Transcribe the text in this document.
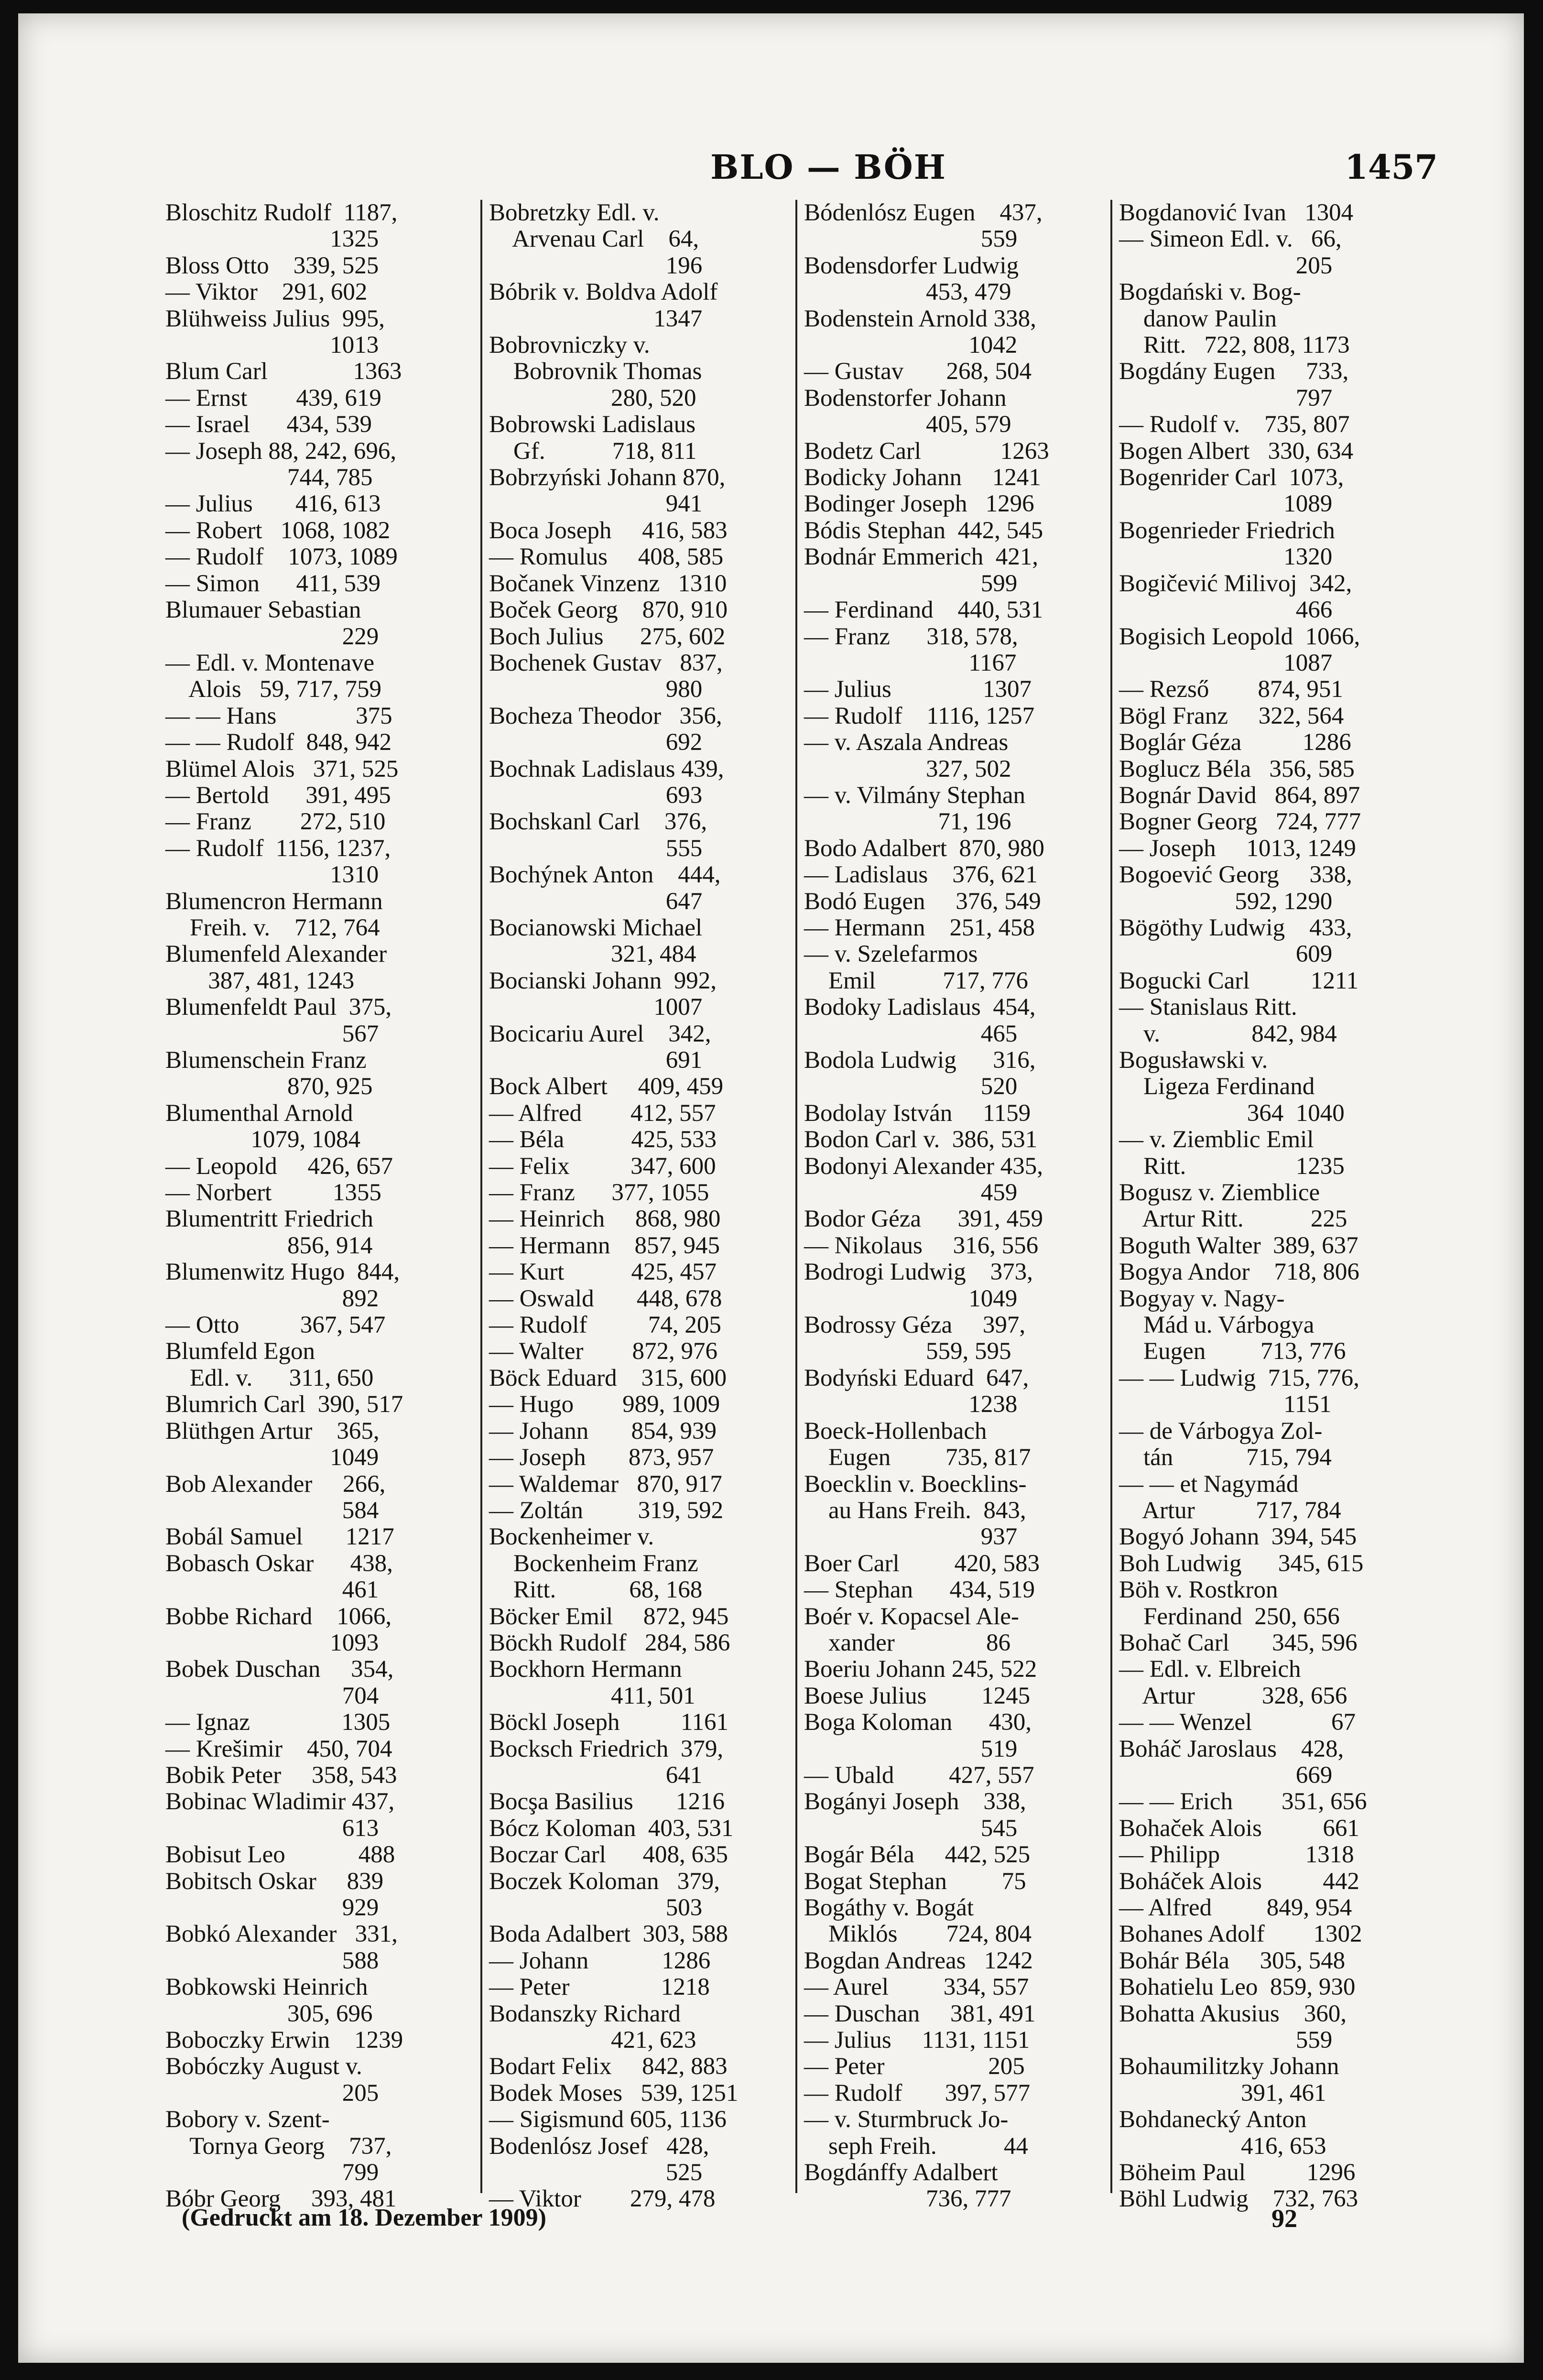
BLO — BÖH	1457
Bloschitz Rudolf  1187,
1325
Bloss Otto    339, 525
— Viktor    291, 602
Blühweiss Julius  995,
1013
Blum Carl              1363
— Ernst        439, 619
— Israel      434, 539
— Joseph 88, 242, 696,
744, 785
— Julius       416, 613
— Robert   1068, 1082
— Rudolf    1073, 1089
— Simon      411, 539
Blumauer Sebastian
229
— Edl. v. Montenave
Alois   59, 717, 759
— — Hans             375
— — Rudolf  848, 942
Blümel Alois   371, 525
— Bertold      391, 495
— Franz        272, 510
— Rudolf  1156, 1237,
1310
Blumencron Hermann
Freih. v.    712, 764
Blumenfeld Alexander
387, 481, 1243
Blumenfeldt Paul  375,
567
Blumenschein Franz
870, 925
Blumenthal Arnold
1079, 1084
— Leopold     426, 657
— Norbert          1355
Blumentritt Friedrich
856, 914
Blumenwitz Hugo  844,
892
— Otto          367, 547
Blumfeld Egon
Edl. v.      311, 650
Blumrich Carl  390, 517
Blüthgen Artur    365,
1049
Bob Alexander     266,
584
Bobál Samuel       1217
Bobasch Oskar      438,
461
Bobbe Richard    1066,
1093
Bobek Duschan     354,
704
— Ignaz               1305
— Krešimir    450, 704
Bobik Peter     358, 543
Bobinac Wladimir 437,
613
Bobisut Leo            488
Bobitsch Oskar     839
929
Bobkó Alexander   331,
588
Bobkowski Heinrich
305, 696
Boboczky Erwin    1239
Bobóczky August v.
205
Bobory v. Szent-
Tornya Georg    737,
799
Bóbr Georg     393, 481
Bobretzky Edl. v.
Arvenau Carl    64,
196
Bóbrik v. Boldva Adolf
1347
Bobrovniczky v.
Bobrovnik Thomas
280, 520
Bobrowski Ladislaus
Gf.           718, 811
Bobrzyński Johann 870,
941
Boca Joseph     416, 583
— Romulus     408, 585
Bočanek Vinzenz   1310
Boček Georg    870, 910
Boch Julius      275, 602
Bochenek Gustav   837,
980
Bocheza Theodor   356,
692
Bochnak Ladislaus 439,
693
Bochskanl Carl    376,
555
Bochýnek Anton    444,
647
Bocianowski Michael
321, 484
Bocianski Johann  992,
1007
Bocicariu Aurel    342,
691
Bock Albert     409, 459
— Alfred        412, 557
— Béla           425, 533
— Felix          347, 600
— Franz      377, 1055
— Heinrich     868, 980
— Hermann    857, 945
— Kurt           425, 457
— Oswald       448, 678
— Rudolf          74, 205
— Walter        872, 976
Böck Eduard    315, 600
— Hugo        989, 1009
— Johann       854, 939
— Joseph       873, 957
— Waldemar   870, 917
— Zoltán         319, 592
Bockenheimer v.
Bockenheim Franz
Ritt.            68, 168
Böcker Emil     872, 945
Böckh Rudolf   284, 586
Bockhorn Hermann
411, 501
Böckl Joseph          1161
Bocksch Friedrich  379,
641
Bocşa Basilius       1216
Bócz Koloman  403, 531
Boczar Carl      408, 635
Boczek Koloman   379,
503
Boda Adalbert  303, 588
— Johann            1286
— Peter               1218
Bodanszky Richard
421, 623
Bodart Felix     842, 883
Bodek Moses   539, 1251
— Sigismund 605, 1136
Bodenlósz Josef   428,
525
— Viktor        279, 478
Bódenlósz Eugen    437,
559
Bodensdorfer Ludwig
453, 479
Bodenstein Arnold 338,
1042
— Gustav       268, 504
Bodenstorfer Johann
405, 579
Bodetz Carl             1263
Bodicky Johann     1241
Bodinger Joseph   1296
Bódis Stephan  442, 545
Bodnár Emmerich  421,
599
— Ferdinand    440, 531
— Franz      318, 578,
1167
— Julius               1307
— Rudolf    1116, 1257
— v. Aszala Andreas
327, 502
— v. Vilmány Stephan
71, 196
Bodo Adalbert  870, 980
— Ladislaus    376, 621
Bodó Eugen     376, 549
— Hermann    251, 458
— v. Szelefarmos
Emil           717, 776
Bodoky Ladislaus  454,
465
Bodola Ludwig      316,
520
Bodolay István     1159
Bodon Carl v.  386, 531
Bodonyi Alexander 435,
459
Bodor Géza      391, 459
— Nikolaus     316, 556
Bodrogi Ludwig    373,
1049
Bodrossy Géza     397,
559, 595
Bodyński Eduard  647,
1238
Boeck-Hollenbach
Eugen         735, 817
Boecklin v. Boecklins-
au Hans Freih.  843,
937
Boer Carl         420, 583
— Stephan      434, 519
Boér v. Kopacsel Ale-
xander               86
Boeriu Johann 245, 522
Boese Julius         1245
Boga Koloman      430,
519
— Ubald         427, 557
Bogányi Joseph    338,
545
Bogár Béla     442, 525
Bogat Stephan         75
Bogáthy v. Bogát
Miklós        724, 804
Bogdan Andreas   1242
— Aurel         334, 557
— Duschan     381, 491
— Julius     1131, 1151
— Peter                 205
— Rudolf       397, 577
— v. Sturmbruck Jo-
seph Freih.           44
Bogdánffy Adalbert
736, 777
Bogdanović Ivan   1304
— Simeon Edl. v.   66,
205
Bogdański v. Bog-
danow Paulin
Ritt.   722, 808, 1173
Bogdány Eugen     733,
797
— Rudolf v.    735, 807
Bogen Albert   330, 634
Bogenrider Carl  1073,
1089
Bogenrieder Friedrich
1320
Bogičević Milivoj  342,
466
Bogisich Leopold  1066,
1087
— Rezső        874, 951
Bögl Franz     322, 564
Boglár Géza          1286
Boglucz Béla   356, 585
Bognár David   864, 897
Bogner Georg   724, 777
— Joseph     1013, 1249
Bogoević Georg     338,
592, 1290
Bögöthy Ludwig    433,
609
Bogucki Carl          1211
— Stanislaus Ritt.
v.               842, 984
Bogusławski v.
Ligeza Ferdinand
364  1040
— v. Ziemblic Emil
Ritt.                  1235
Bogusz v. Ziemblice
Artur Ritt.           225
Boguth Walter  389, 637
Bogya Andor    718, 806
Bogyay v. Nagy-
Mád u. Várbogya
Eugen         713, 776
— — Ludwig  715, 776,
1151
— de Várbogya Zol-
tán            715, 794
— — et Nagymád
Artur          717, 784
Bogyó Johann  394, 545
Boh Ludwig      345, 615
Böh v. Rostkron
Ferdinand  250, 656
Bohač Carl       345, 596
— Edl. v. Elbreich
Artur           328, 656
— — Wenzel             67
Boháč Jaroslaus    428,
669
— — Erich        351, 656
Bohaček Alois          661
— Philipp              1318
Boháček Alois          442
— Alfred         849, 954
Bohanes Adolf        1302
Bohár Béla     305, 548
Bohatielu Leo  859, 930
Bohatta Akusius    360,
559
Bohaumilitzky Johann
391, 461
Bohdanecký Anton
416, 653
Böheim Paul          1296
Böhl Ludwig    732, 763
(Gedruckt am 18. Dezember 1909)	92
